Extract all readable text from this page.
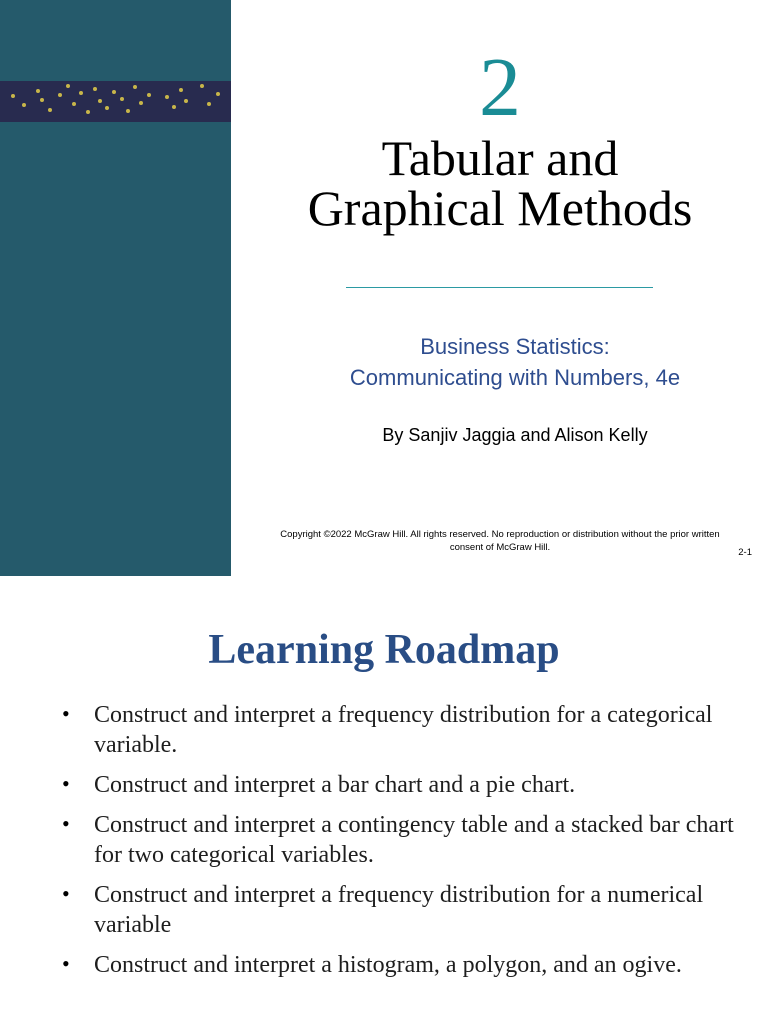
2
Tabular and
Graphical Methods
Business Statistics:
Communicating with Numbers, 4e
By Sanjiv Jaggia and Alison Kelly
Copyright ©2022 McGraw Hill. All rights reserved. No reproduction or distribution without the prior written
consent of McGraw Hill.	2-1
Learning Roadmap
• Construct and interpret a frequency distribution for a categorical variable.
• Construct and interpret a bar chart and a pie chart.
• Construct and interpret a contingency table and a stacked bar chart for two categorical variables.
• Construct and interpret a frequency distribution for a numerical variable
• Construct and interpret a histogram, a polygon, and an ogive.
